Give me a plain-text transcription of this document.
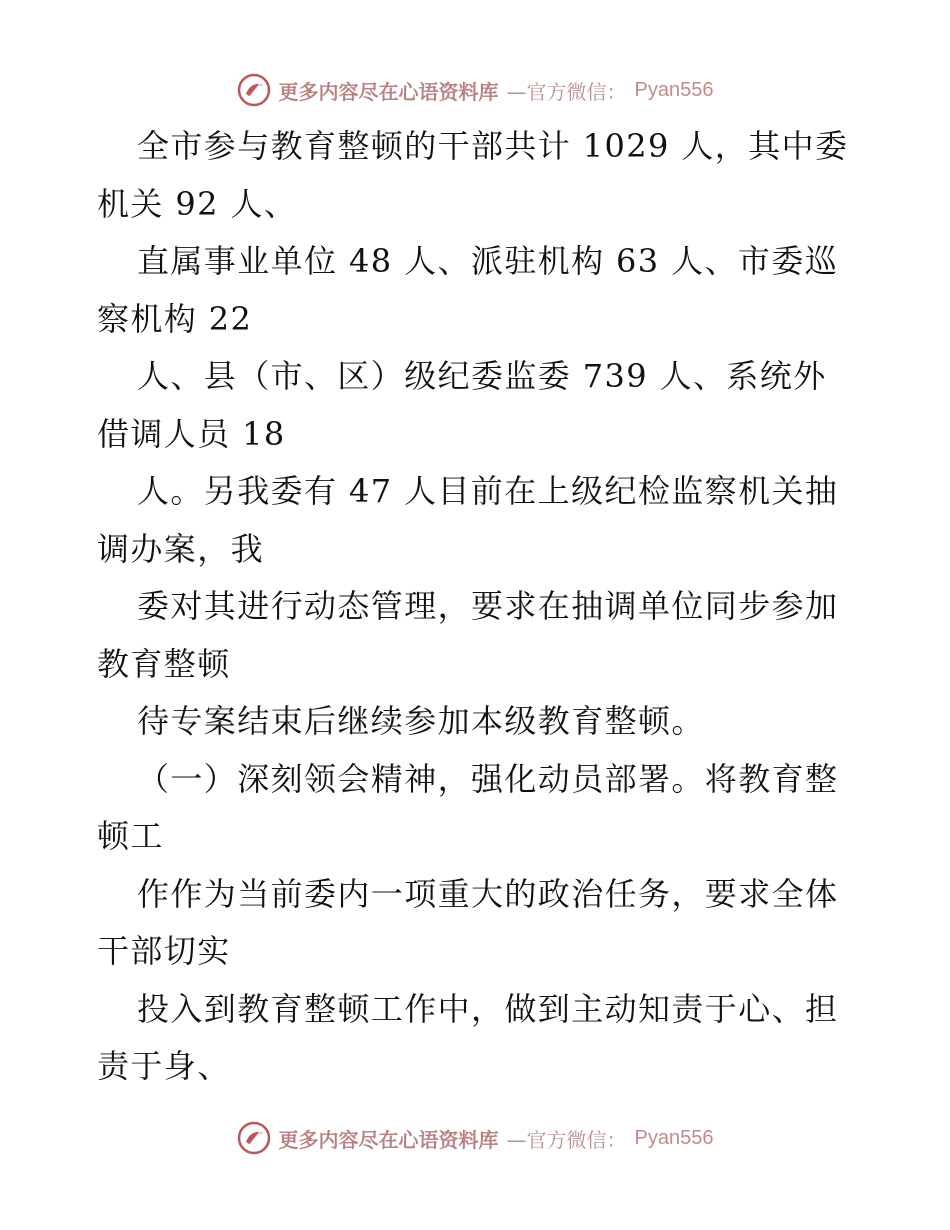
更多内容尽在心语资料库 —官方微信： Pyan556

全市参与教育整顿的干部共计 1029 人，其中委机关 92 人、

直属事业单位 48 人、派驻机构 63 人、市委巡察机构 22

人、县（市、区）级纪委监委 739 人、系统外借调人员 18

人。另我委有 47 人目前在上级纪检监察机关抽调办案，我

委对其进行动态管理，要求在抽调单位同步参加教育整顿

待专案结束后继续参加本级教育整顿。

（一）深刻领会精神，强化动员部署。将教育整顿工

作作为当前委内一项重大的政治任务，要求全体干部切实

投入到教育整顿工作中，做到主动知责于心、担责于身、

更多内容尽在心语资料库 —官方微信： Pyan556
